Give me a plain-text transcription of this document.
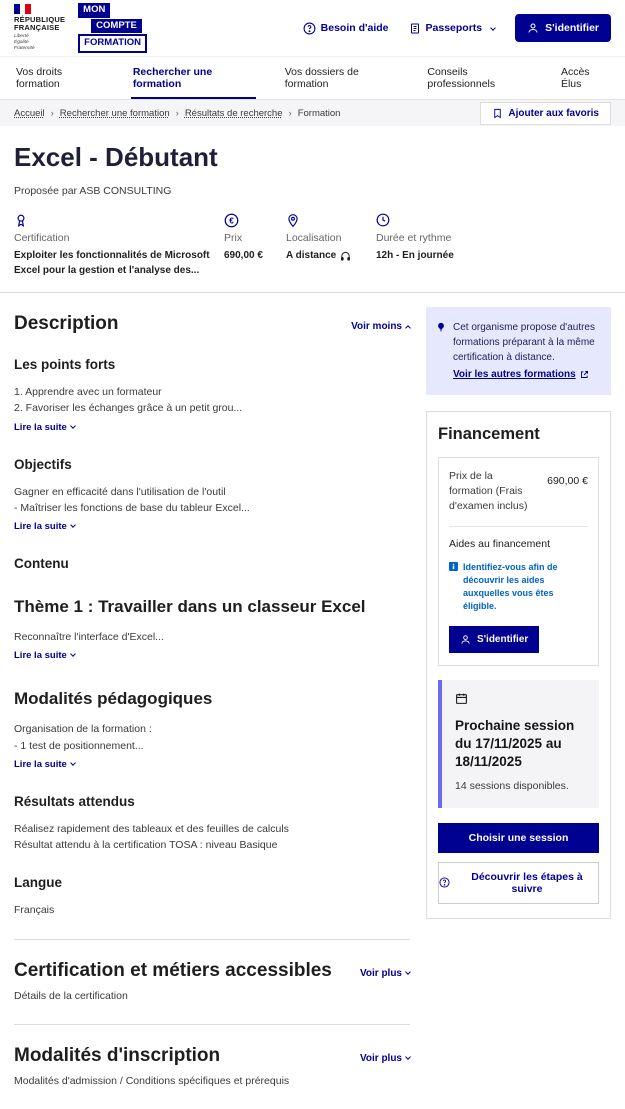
RÉPUBLIQUE
FRANÇAISE
Liberté
Égalité
Fraternité
MON
COMPTE
FORMATION
Besoin d'aide	Passeports	S'identifier
Vos droits formation
Rechercher une formation
Vos dossiers de formation
Conseils professionnels
Accès Élus
Accueil › Rechercher une formation › Résultats de recherche › Formation	Ajouter aux favoris
Excel - Débutant
Proposée par ASB CONSULTING
Certification
Exploiter les fonctionnalités de Microsoft Excel pour la gestion et l'analyse des...
€
Prix
690,00 €
Localisation
A distance
Durée et rythme
12h - En journée
Description	Voir moins
Les points forts
1. Apprendre avec un formateur
2. Favoriser les échanges grâce à un petit grou...
Lire la suite
Objectifs
Gagner en efficacité dans l'utilisation de l'outil
- Maîtriser les fonctions de base du tableur Excel...
Lire la suite
Contenu
Thème 1 : Travailler dans un classeur Excel
Reconnaître l'interface d'Excel...
Lire la suite
Modalités pédagogiques
Organisation de la formation :
- 1 test de positionnement...
Lire la suite
Résultats attendus
Réalisez rapidement des tableaux et des feuilles de calculs
Résultat attendu à la certification TOSA : niveau Basique
Langue
Français
Certification et métiers accessibles	Voir plus
Détails de la certification
Modalités d'inscription	Voir plus
Modalités d'admission / Conditions spécifiques et prérequis
Cet organisme propose d'autres formations préparant à la même certification à distance.

Voir les autres formations
Financement
Prix de la formation (Frais d'examen inclus)
690,00 €
Aides au financement
Identifiez-vous afin de découvrir les aides auxquelles vous êtes éligible.
S'identifier
Prochaine session du 17/11/2025 au 18/11/2025
14 sessions disponibles.
Choisir une session
Découvrir les étapes à suivre
